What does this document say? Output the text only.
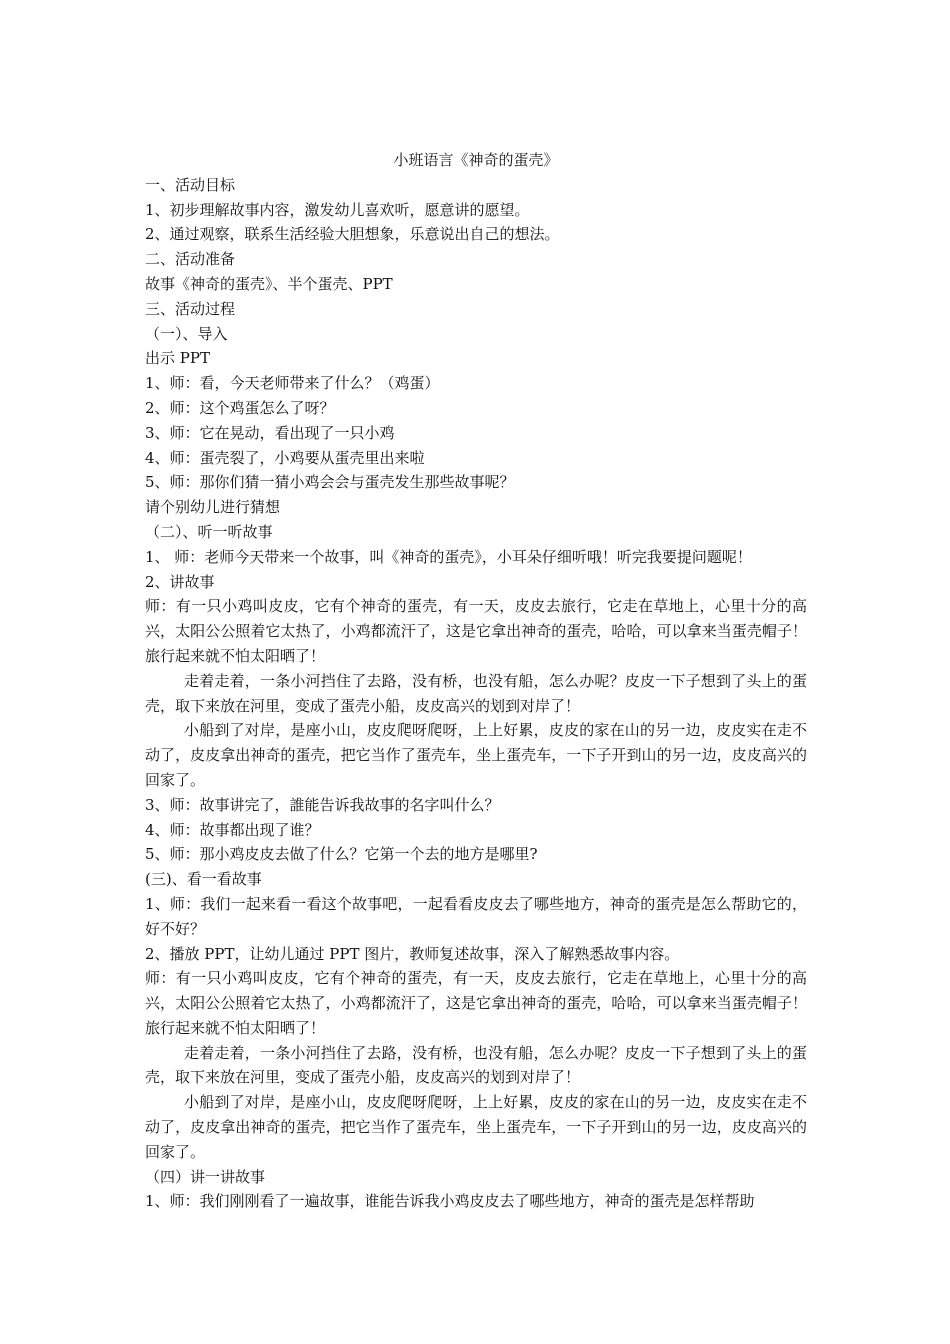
小班语言《神奇的蛋壳》

一、活动目标

1、初步理解故事内容，激发幼儿喜欢听，愿意讲的愿望。

2、通过观察，联系生活经验大胆想象，乐意说出自己的想法。

二、活动准备

故事《神奇的蛋壳》、半个蛋壳、PPT

三、活动过程

（一）、导入

出示 PPT

1、师：看，今天老师带来了什么？（鸡蛋）

2、师：这个鸡蛋怎么了呀？

3、师：它在晃动，看出现了一只小鸡

4、师：蛋壳裂了，小鸡要从蛋壳里出来啦

5、师：那你们猜一猜小鸡会会与蛋壳发生那些故事呢？

请个别幼儿进行猜想

（二）、听一听故事

1、 师：老师今天带来一个故事，叫《神奇的蛋壳》，小耳朵仔细听哦！听完我要提问题呢！

2、讲故事

师：有一只小鸡叫皮皮，它有个神奇的蛋壳，有一天，皮皮去旅行，它走在草地上，心里十分的高兴，太阳公公照着它太热了，小鸡都流汗了，这是它拿出神奇的蛋壳，哈哈，可以拿来当蛋壳帽子！旅行起来就不怕太阳晒了！

走着走着，一条小河挡住了去路，没有桥，也没有船，怎么办呢？皮皮一下子想到了头上的蛋壳，取下来放在河里，变成了蛋壳小船，皮皮高兴的划到对岸了！

小船到了对岸，是座小山，皮皮爬呀爬呀，上上好累，皮皮的家在山的另一边，皮皮实在走不动了，皮皮拿出神奇的蛋壳，把它当作了蛋壳车，坐上蛋壳车，一下子开到山的另一边，皮皮高兴的回家了。

3、师：故事讲完了，誰能告诉我故事的名字叫什么？

4、师：故事都出现了谁？

5、师：那小鸡皮皮去做了什么？它第一个去的地方是哪里?

(三)、看一看故事

1、师：我们一起来看一看这个故事吧，一起看看皮皮去了哪些地方，神奇的蛋壳是怎么帮助它的，好不好？

2、播放 PPT，让幼儿通过 PPT 图片，教师复述故事，深入了解熟悉故事内容。

师：有一只小鸡叫皮皮，它有个神奇的蛋壳，有一天，皮皮去旅行，它走在草地上，心里十分的高兴，太阳公公照着它太热了，小鸡都流汗了，这是它拿出神奇的蛋壳，哈哈，可以拿来当蛋壳帽子！旅行起来就不怕太阳晒了！

走着走着，一条小河挡住了去路，没有桥，也没有船，怎么办呢？皮皮一下子想到了头上的蛋壳，取下来放在河里，变成了蛋壳小船，皮皮高兴的划到对岸了！

小船到了对岸，是座小山，皮皮爬呀爬呀，上上好累，皮皮的家在山的另一边，皮皮实在走不动了，皮皮拿出神奇的蛋壳，把它当作了蛋壳车，坐上蛋壳车，一下子开到山的另一边，皮皮高兴的回家了。

（四）讲一讲故事

1、师：我们刚刚看了一遍故事，谁能告诉我小鸡皮皮去了哪些地方，神奇的蛋壳是怎样帮助
